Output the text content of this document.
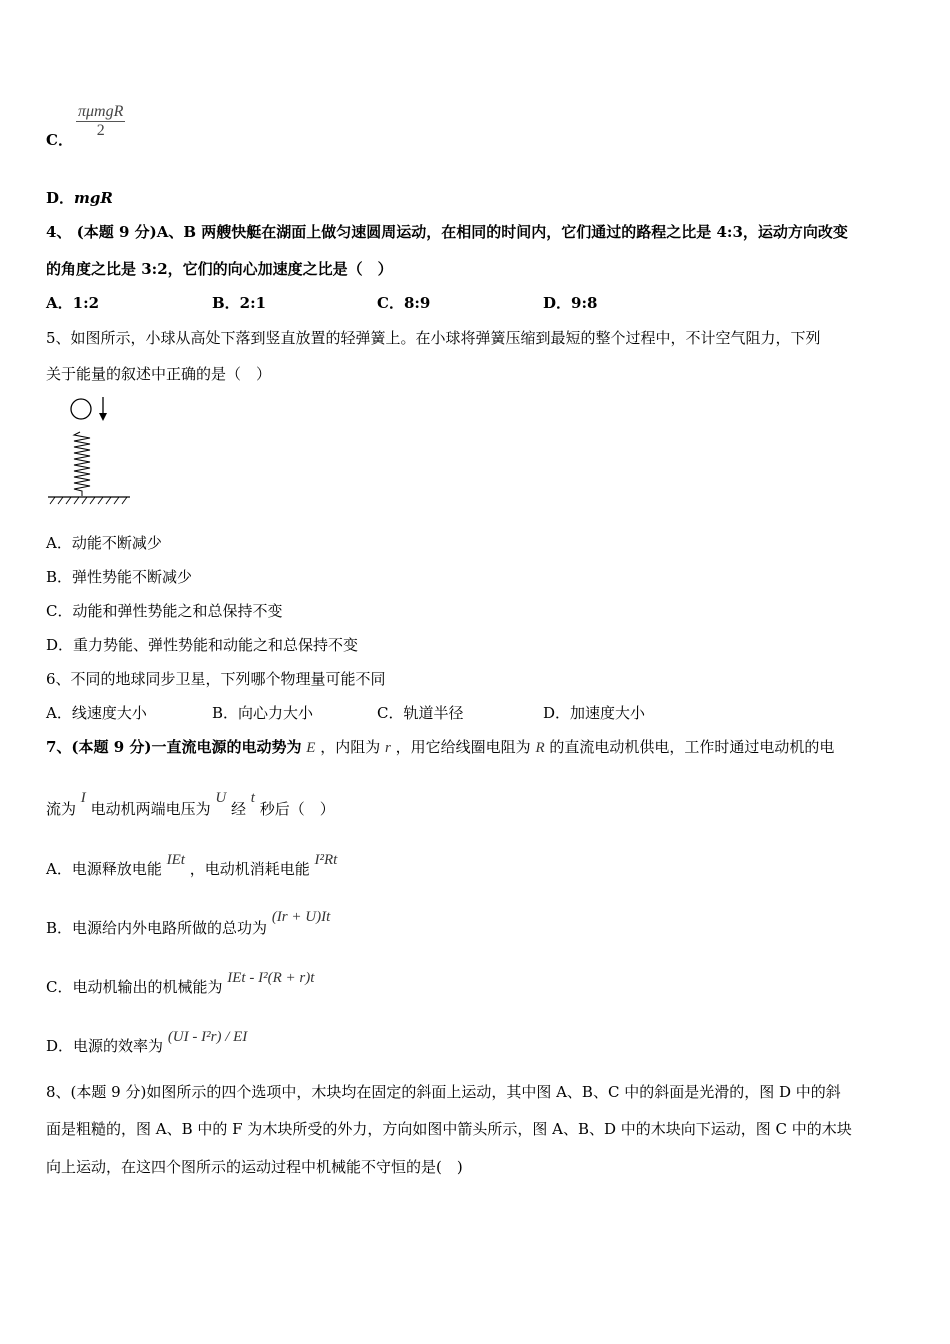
C．
πμmgR
2
D．mgR
4、 (本题 9 分)A、B 两艘快艇在湖面上做匀速圆周运动，在相同的时间内，它们通过的路程之比是 4:3，运动方向改变
的角度之比是 3:2，它们的向心加速度之比是（　）
A．1:2	B．2:1	C．8:9	D．9:8
5、如图所示，小球从高处下落到竖直放置的轻弹簧上。在小球将弹簧压缩到最短的整个过程中，不计空气阻力，下列
关于能量的叙述中正确的是（　）
A．动能不断减少
B．弹性势能不断减少
C．动能和弹性势能之和总保持不变
D．重力势能、弹性势能和动能之和总保持不变
6、不同的地球同步卫星，下列哪个物理量可能不同
A．线速度大小	B．向心力大小	C．轨道半径	D．加速度大小
7、(本题 9 分)一直流电源的电动势为 E ，内阻为 r ，用它给线圈电阻为 R 的直流电动机供电，工作时通过电动机的电
流为 I 电动机两端电压为 U 经 t 秒后（　）
A．电源释放电能 IEt ，电动机消耗电能 I²Rt
B．电源给内外电路所做的总功为 (Ir + U)It
C．电动机输出的机械能为 IEt - I²(R + r)t
D．电源的效率为 (UI - I²r) / EI
8、(本题 9 分)如图所示的四个选项中，木块均在固定的斜面上运动，其中图 A、B、C 中的斜面是光滑的，图 D 中的斜
面是粗糙的，图 A、B 中的 F 为木块所受的外力，方向如图中箭头所示，图 A、B、D 中的木块向下运动，图 C 中的木块
向上运动，在这四个图所示的运动过程中机械能不守恒的是(　)
